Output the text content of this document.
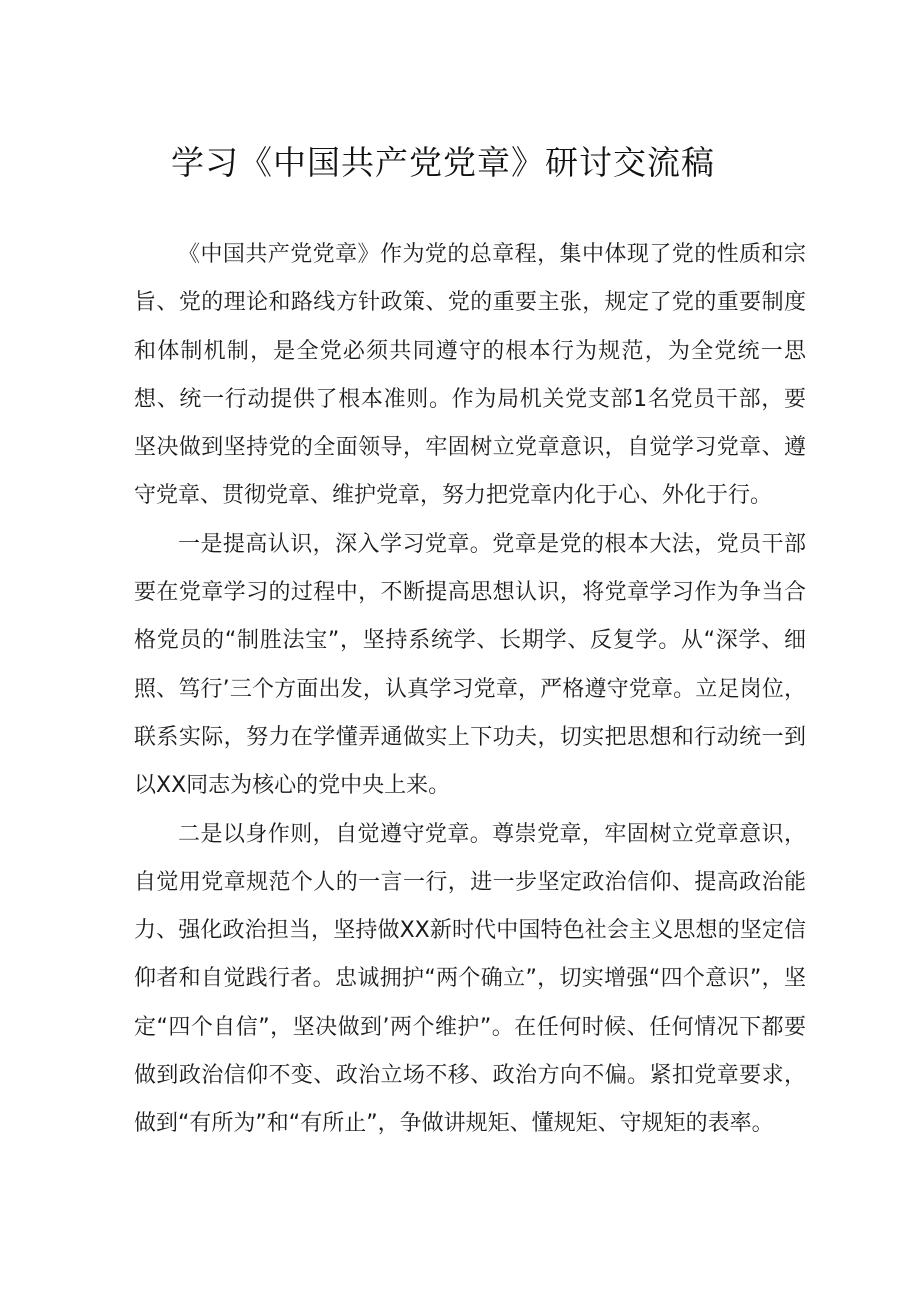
学习《中国共产党党章》研讨交流稿

《中国共产党党章》作为党的总章程，集中体现了党的性质和宗旨、党的理论和路线方针政策、党的重要主张，规定了党的重要制度和体制机制，是全党必须共同遵守的根本行为规范，为全党统一思想、统一行动提供了根本准则。作为局机关党支部1名党员干部，要坚决做到坚持党的全面领导，牢固树立党章意识，自觉学习党章、遵守党章、贯彻党章、维护党章，努力把党章内化于心、外化于行。

一是提高认识，深入学习党章。党章是党的根本大法，党员干部要在党章学习的过程中，不断提高思想认识，将党章学习作为争当合格党员的“制胜法宝”，坚持系统学、长期学、反复学。从“深学、细照、笃行’三个方面出发，认真学习党章，严格遵守党章。立足岗位，联系实际，努力在学懂弄通做实上下功夫，切实把思想和行动统一到以XX同志为核心的党中央上来。

二是以身作则，自觉遵守党章。尊崇党章，牢固树立党章意识，自觉用党章规范个人的一言一行，进一步坚定政治信仰、提高政治能力、强化政治担当，坚持做XX新时代中国特色社会主义思想的坚定信仰者和自觉践行者。忠诚拥护“两个确立”，切实增强“四个意识”，坚定“四个自信”，坚决做到’两个维护”。在任何时候、任何情况下都要做到政治信仰不变、政治立场不移、政治方向不偏。紧扣党章要求，做到“有所为”和“有所止”，争做讲规矩、懂规矩、守规矩的表率。
